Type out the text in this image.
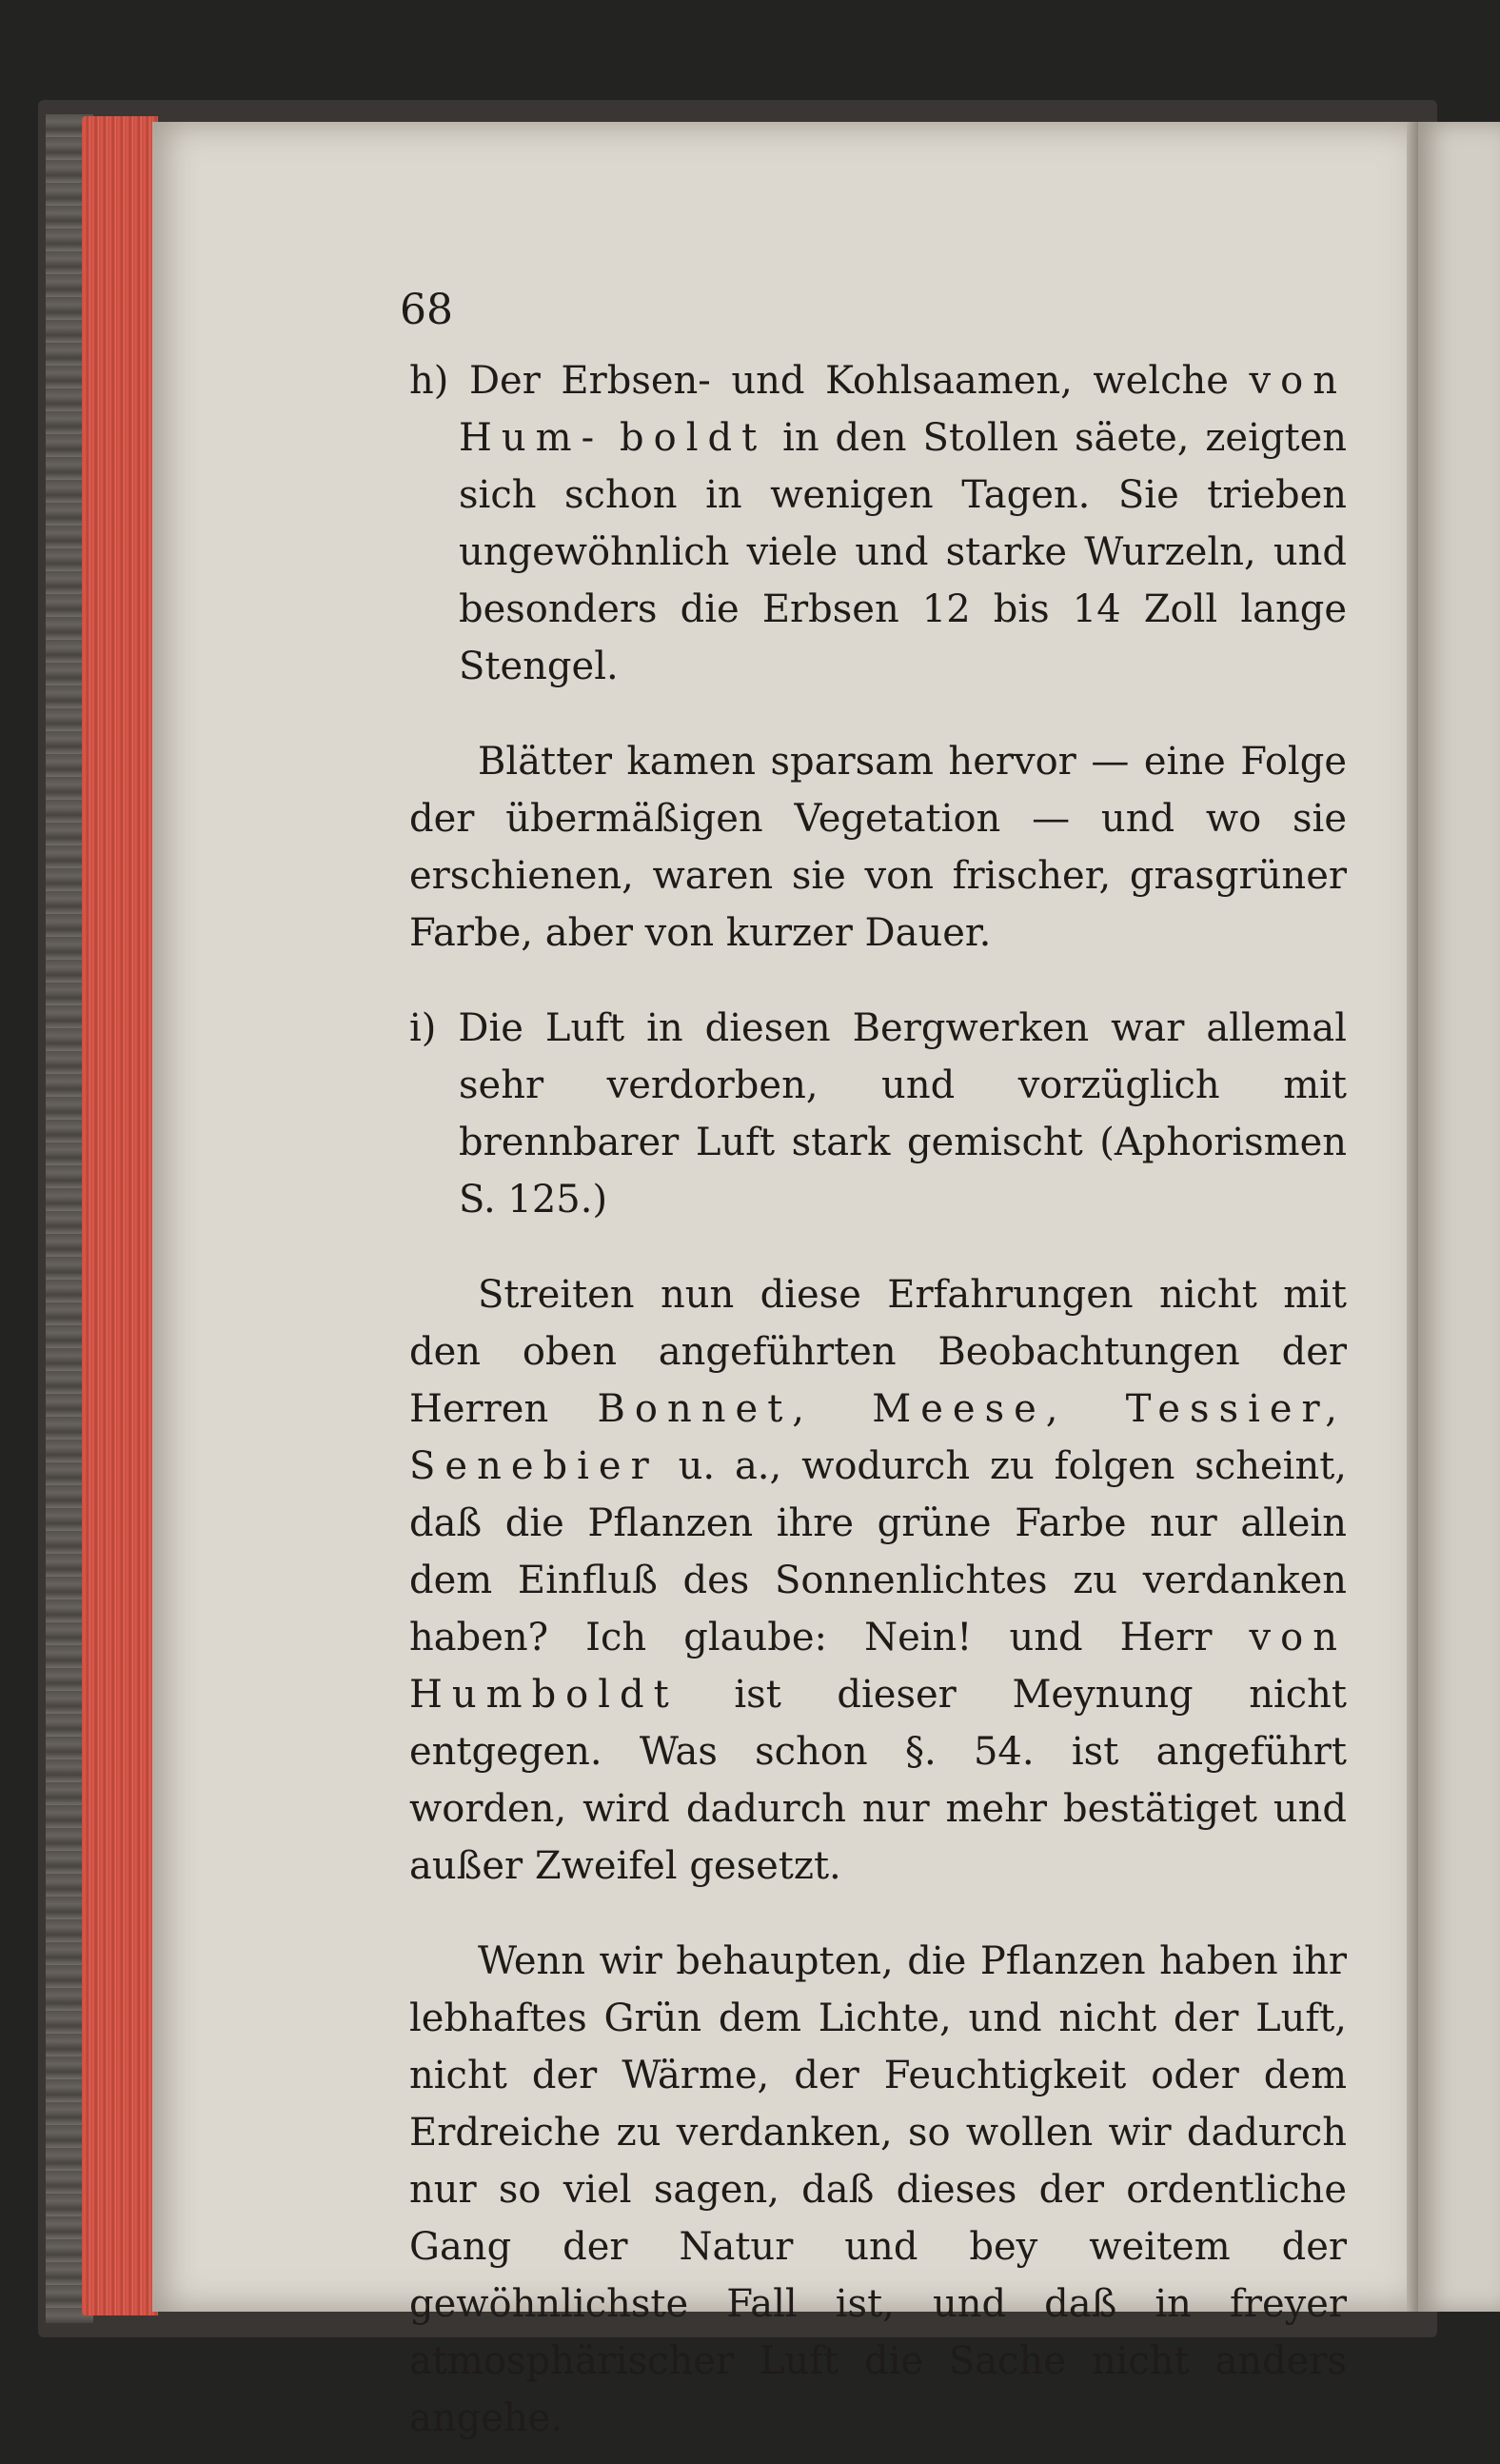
68

h) Der Erbsen- und Kohlsaamen, welche von Hum- boldt in den Stollen säete, zeigten sich schon in wenigen Tagen. Sie trieben ungewöhnlich viele und starke Wurzeln, und besonders die Erbsen 12 bis 14 Zoll lange Stengel.

Blätter kamen sparsam hervor — eine Folge der übermäßigen Vegetation — und wo sie erschienen, waren sie von frischer, grasgrüner Farbe, aber von kurzer Dauer.

i) Die Luft in diesen Bergwerken war allemal sehr verdorben, und vorzüglich mit brennbarer Luft stark gemischt (Aphorismen S. 125.)

Streiten nun diese Erfahrungen nicht mit den oben angeführten Beobachtungen der Herren Bonnet, Meese, Tessier, Senebier u. a., wodurch zu folgen scheint, daß die Pflanzen ihre grüne Farbe nur allein dem Einfluß des Sonnenlichtes zu verdanken haben? Ich glaube: Nein! und Herr von Humboldt ist dieser Meynung nicht entgegen. Was schon §. 54. ist angeführt worden, wird dadurch nur mehr bestätiget und außer Zweifel gesetzt.

Wenn wir behaupten, die Pflanzen haben ihr lebhaftes Grün dem Lichte, und nicht der Luft, nicht der Wärme, der Feuchtigkeit oder dem Erdreiche zu verdanken, so wollen wir dadurch nur so viel sagen, daß dieses der ordentliche Gang der Natur und bey weitem der gewöhnlichste Fall ist, und daß in freyer atmosphärischer Luft die Sache nicht anders angehe.
